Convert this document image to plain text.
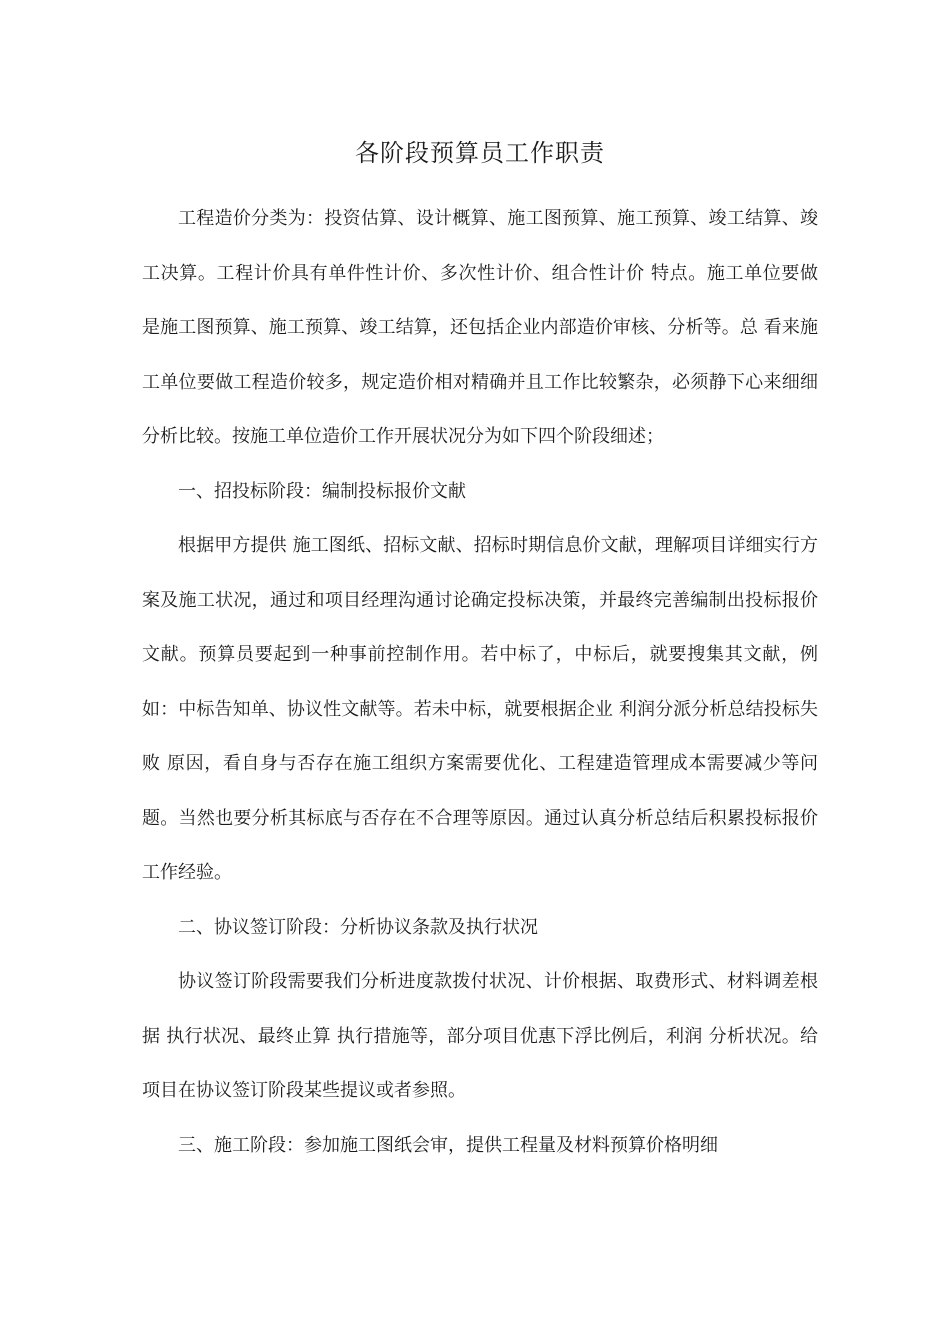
各阶段预算员工作职责

工程造价分类为：投资估算、设计概算、施工图预算、施工预算、竣工结算、竣工决算。工程计价具有单件性计价、多次性计价、组合性计价 特点。施工单位要做 是施工图预算、施工预算、竣工结算，还包括企业内部造价审核、分析等。总 看来施工单位要做工程造价较多，规定造价相对精确并且工作比较繁杂，必须静下心来细细分析比较。按施工单位造价工作开展状况分为如下四个阶段细述；

一、招投标阶段：编制投标报价文献

根据甲方提供 施工图纸、招标文献、招标时期信息价文献，理解项目详细实行方案及施工状况，通过和项目经理沟通讨论确定投标决策，并最终完善编制出投标报价文献。预算员要起到一种事前控制作用。若中标了，中标后，就要搜集其文献，例如：中标告知单、协议性文献等。若未中标，就要根据企业 利润分派分析总结投标失败 原因，看自身与否存在施工组织方案需要优化、工程建造管理成本需要减少等问题。当然也要分析其标底与否存在不合理等原因。通过认真分析总结后积累投标报价工作经验。

二、协议签订阶段：分析协议条款及执行状况

协议签订阶段需要我们分析进度款拨付状况、计价根据、取费形式、材料调差根据 执行状况、最终止算 执行措施等，部分项目优惠下浮比例后，利润 分析状况。给项目在协议签订阶段某些提议或者参照。

三、施工阶段：参加施工图纸会审，提供工程量及材料预算价格明细
